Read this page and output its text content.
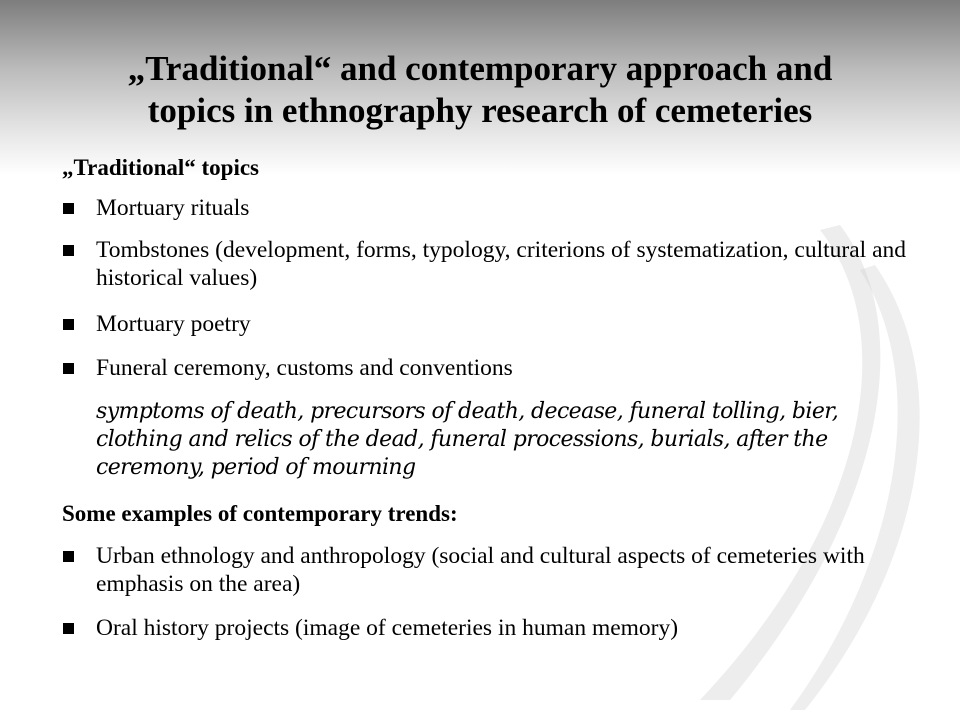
„Traditional“ and contemporary approach and
topics in ethnography research of cemeteries
„Traditional“ topics
Mortuary rituals
Tombstones (development, forms, typology, criterions of systematization, cultural and historical values)
Mortuary poetry
Funeral ceremony, customs and conventions
symptoms of death, precursors of death, decease, funeral tolling, bier, clothing and relics of the dead, funeral processions, burials, after the ceremony, period of mourning
Some examples of contemporary trends:
Urban ethnology and anthropology (social and cultural aspects of cemeteries with emphasis on the area)
Oral history projects (image of cemeteries in human memory)
